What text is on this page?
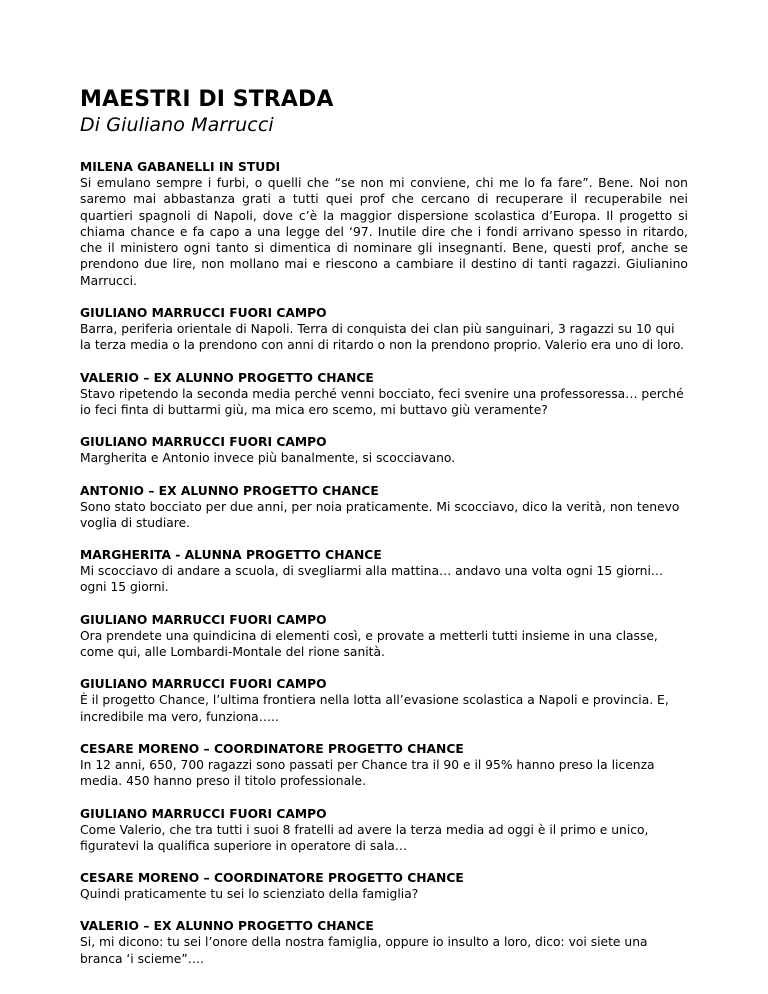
MAESTRI DI STRADA
Di Giuliano Marrucci
MILENA GABANELLI IN STUDI

Si emulano sempre i furbi, o quelli che “se non mi conviene, chi me lo fa fare”. Bene. Noi non saremo mai abbastanza grati a tutti quei prof che cercano di recuperare il recuperabile nei quartieri spagnoli di Napoli, dove c’è la maggior dispersione scolastica d’Europa. Il progetto si chiama chance e fa capo a una legge del ‘97. Inutile dire che i fondi arrivano spesso in ritardo, che il ministero ogni tanto si dimentica di nominare gli insegnanti. Bene, questi prof, anche se prendono due lire, non mollano mai e riescono a cambiare il destino di tanti ragazzi. Giulianino Marrucci.

GIULIANO MARRUCCI FUORI CAMPO

Barra, periferia orientale di Napoli. Terra di conquista dei clan più sanguinari, 3 ragazzi su 10 qui la terza media o la prendono con anni di ritardo o non la prendono proprio. Valerio era uno di loro.

VALERIO – EX ALUNNO PROGETTO CHANCE

Stavo ripetendo la seconda media perché venni bocciato, feci svenire una professoressa… perché io feci finta di buttarmi giù, ma mica ero scemo, mi buttavo giù veramente?

GIULIANO MARRUCCI FUORI CAMPO

Margherita e Antonio invece più banalmente, si scocciavano.

ANTONIO – EX ALUNNO PROGETTO CHANCE

Sono stato bocciato per due anni, per noia praticamente. Mi scocciavo, dico la verità, non tenevo voglia di studiare.

MARGHERITA - ALUNNA PROGETTO CHANCE

Mi scocciavo di andare a scuola, di svegliarmi alla mattina… andavo una volta ogni 15 giorni… ogni 15 giorni.

GIULIANO MARRUCCI FUORI CAMPO

Ora prendete una quindicina di elementi così, e provate a metterli tutti insieme in una classe, come qui, alle Lombardi-Montale del rione sanità.

GIULIANO MARRUCCI FUORI CAMPO

È il progetto Chance, l’ultima frontiera nella lotta all’evasione scolastica a Napoli e provincia. E, incredibile ma vero, funziona…..

CESARE MORENO – COORDINATORE PROGETTO CHANCE

In 12 anni, 650, 700 ragazzi sono passati per Chance tra il 90 e il 95% hanno preso la licenza media. 450 hanno preso il titolo professionale.

GIULIANO MARRUCCI FUORI CAMPO

Come Valerio, che tra tutti i suoi 8 fratelli ad avere la terza media ad oggi è il primo e unico, figuratevi la qualifica superiore in operatore di sala…

CESARE MORENO – COORDINATORE PROGETTO CHANCE

Quindi praticamente tu sei lo scienziato della famiglia?

VALERIO – EX ALUNNO PROGETTO CHANCE

Si, mi dicono: tu sei l’onore della nostra famiglia, oppure io insulto a loro, dico: voi siete una branca ‘i scieme”….
